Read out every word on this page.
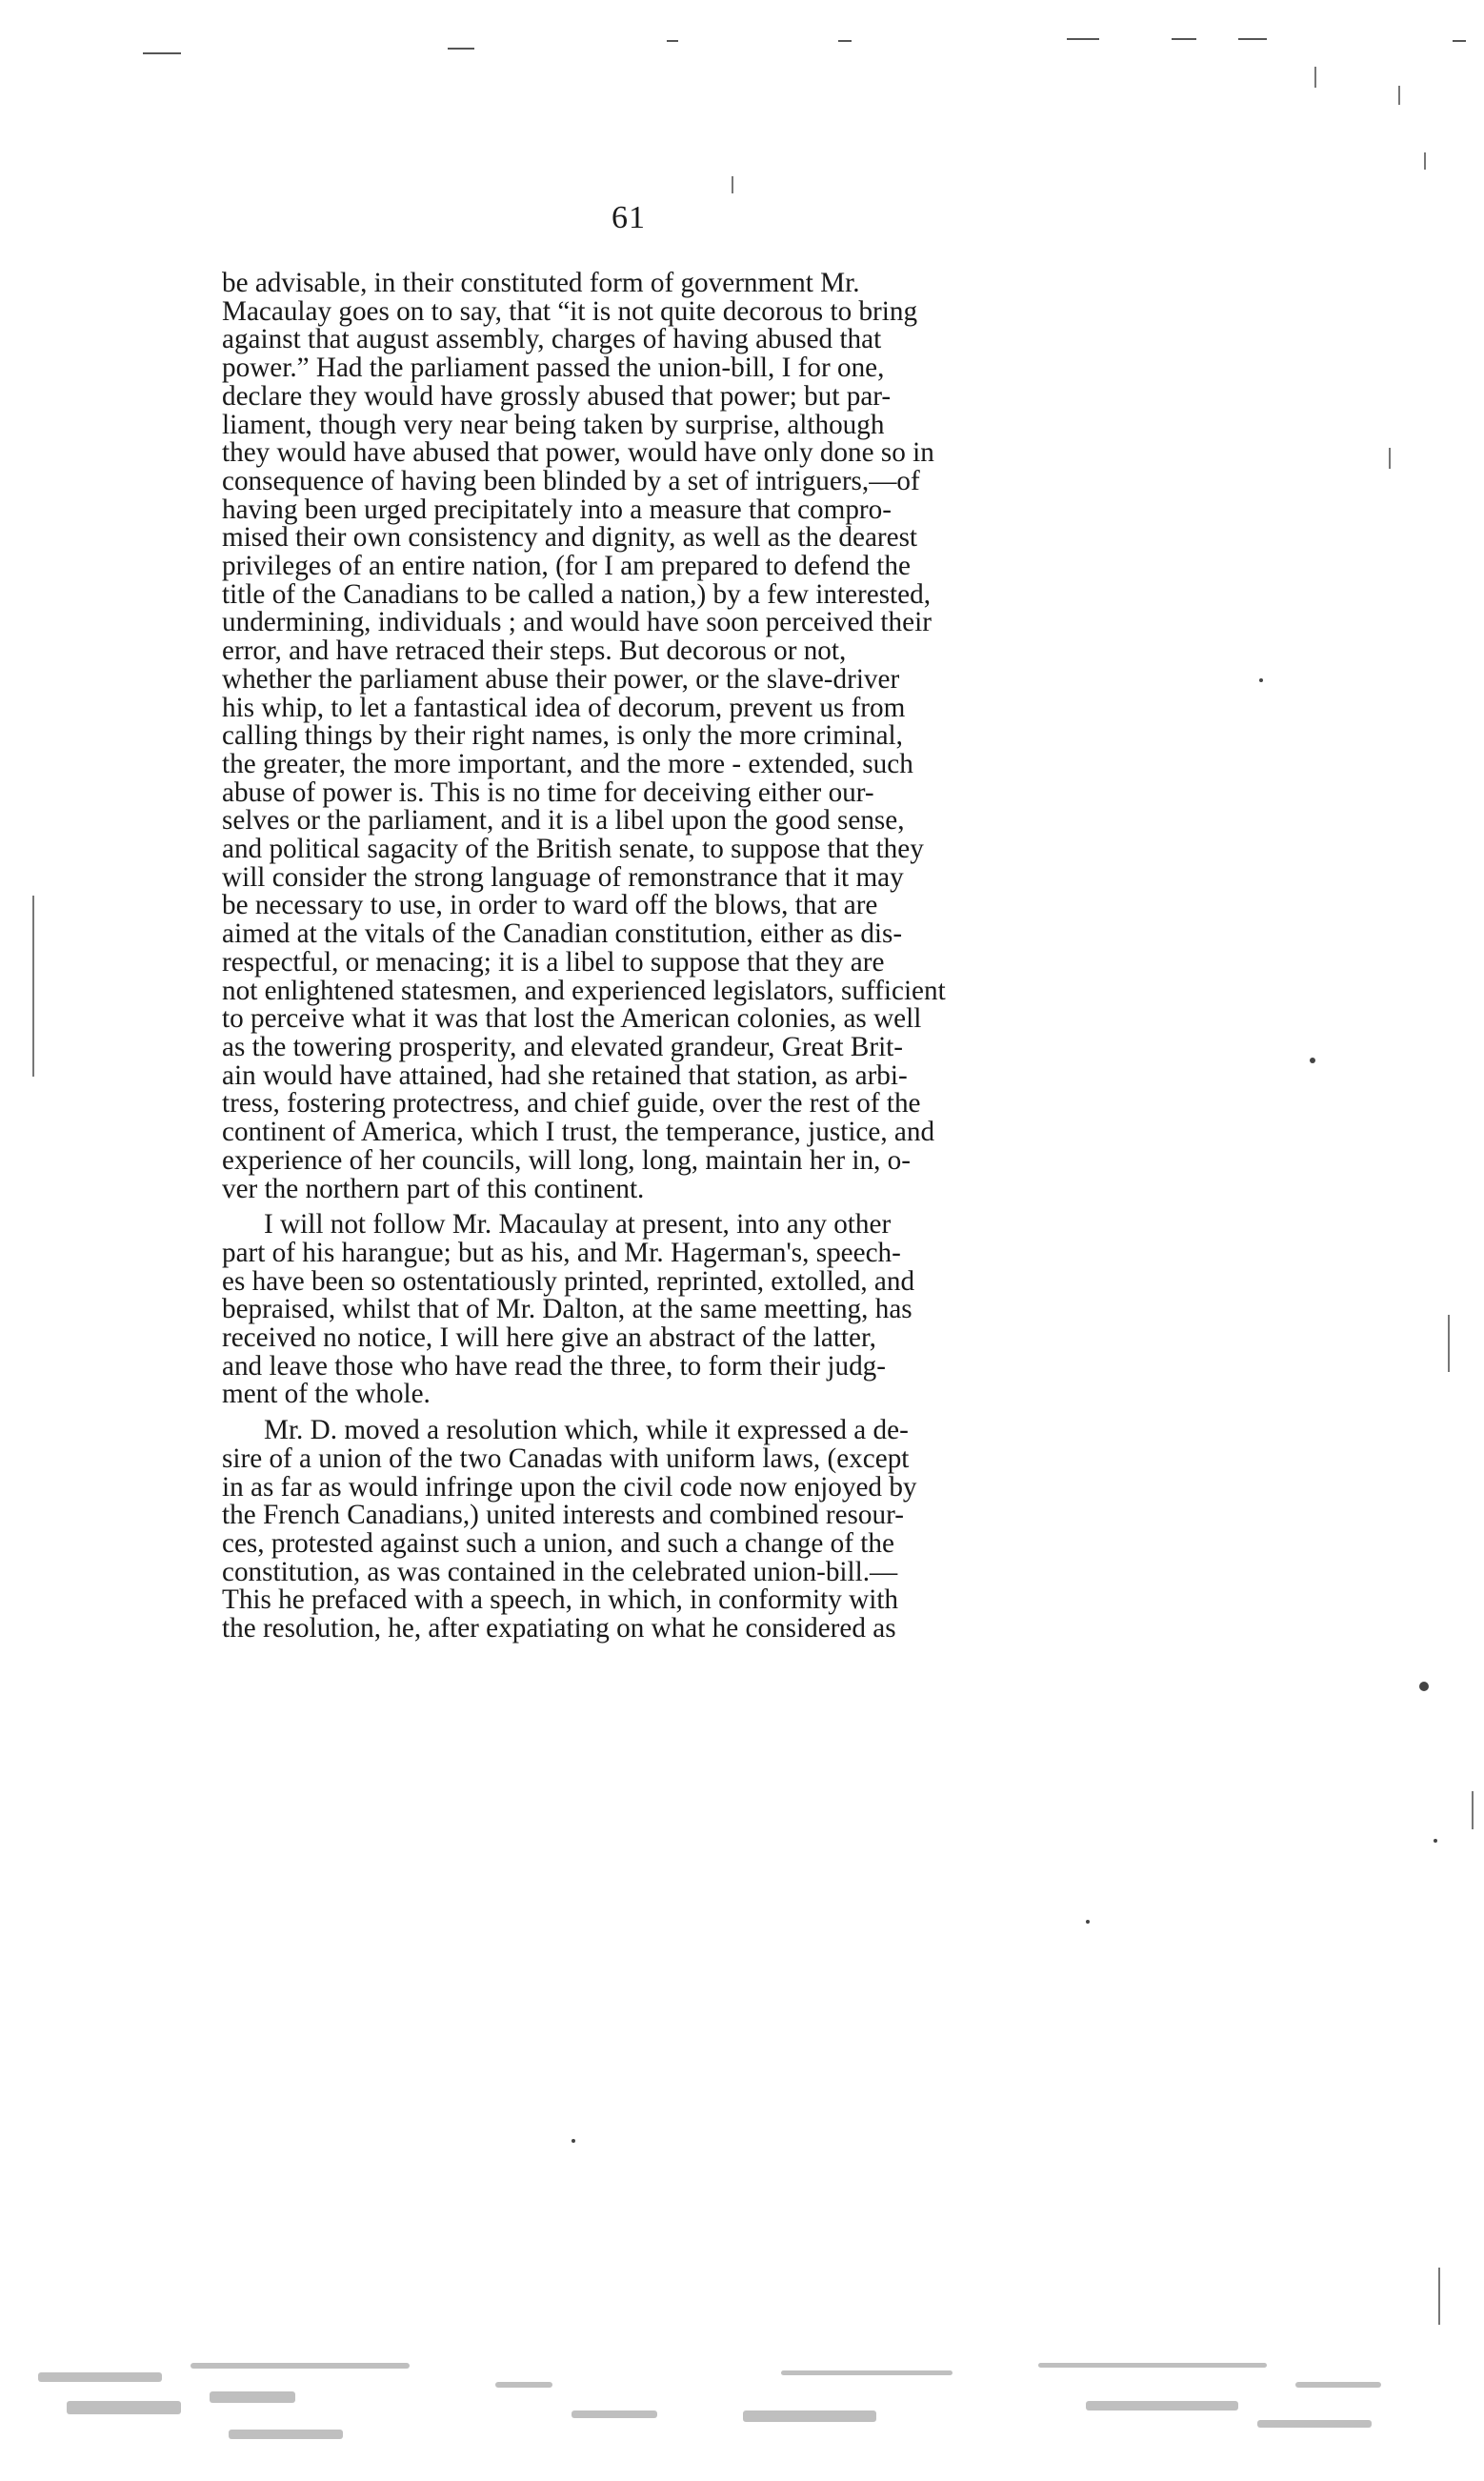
61
be advisable, in their constituted form of government Mr.
Macaulay goes on to say, that “it is not quite decorous to bring
against that august assembly, charges of having abused that
power.” Had the parliament passed the union-bill, I for one,
declare they would have grossly abused that power; but par-
liament, though very near being taken by surprise, although
they would have abused that power, would have only done so in
consequence of having been blinded by a set of intriguers,—of
having been urged precipitately into a measure that compro-
mised their own consistency and dignity, as well as the dearest
privileges of an entire nation, (for I am prepared to defend the
title of the Canadians to be called a nation,) by a few interested,
undermining, individuals ; and would have soon perceived their
error, and have retraced their steps. But decorous or not,
whether the parliament abuse their power, or the slave-driver
his whip, to let a fantastical idea of decorum, prevent us from
calling things by their right names, is only the more criminal,
the greater, the more important, and the more - extended, such
abuse of power is. This is no time for deceiving either our-
selves or the parliament, and it is a libel upon the good sense,
and political sagacity of the British senate, to suppose that they
will consider the strong language of remonstrance that it may
be necessary to use, in order to ward off the blows, that are
aimed at the vitals of the Canadian constitution, either as dis-
respectful, or menacing; it is a libel to suppose that they are
not enlightened statesmen, and experienced legislators, sufficient
to perceive what it was that lost the American colonies, as well
as the towering prosperity, and elevated grandeur, Great Brit-
ain would have attained, had she retained that station, as arbi-
tress, fostering protectress, and chief guide, over the rest of the
continent of America, which I trust, the temperance, justice, and
experience of her councils, will long, long, maintain her in, o-
ver the northern part of this continent.
I will not follow Mr. Macaulay at present, into any other
part of his harangue; but as his, and Mr. Hagerman's, speech-
es have been so ostentatiously printed, reprinted, extolled, and
bepraised, whilst that of Mr. Dalton, at the same meetting, has
received no notice, I will here give an abstract of the latter,
and leave those who have read the three, to form their judg-
ment of the whole.
Mr. D. moved a resolution which, while it expressed a de-
sire of a union of the two Canadas with uniform laws, (except
in as far as would infringe upon the civil code now enjoyed by
the French Canadians,) united interests and combined resour-
ces, protested against such a union, and such a change of the
constitution, as was contained in the celebrated union-bill.—
This he prefaced with a speech, in which, in conformity with
the resolution, he, after expatiating on what he considered as
